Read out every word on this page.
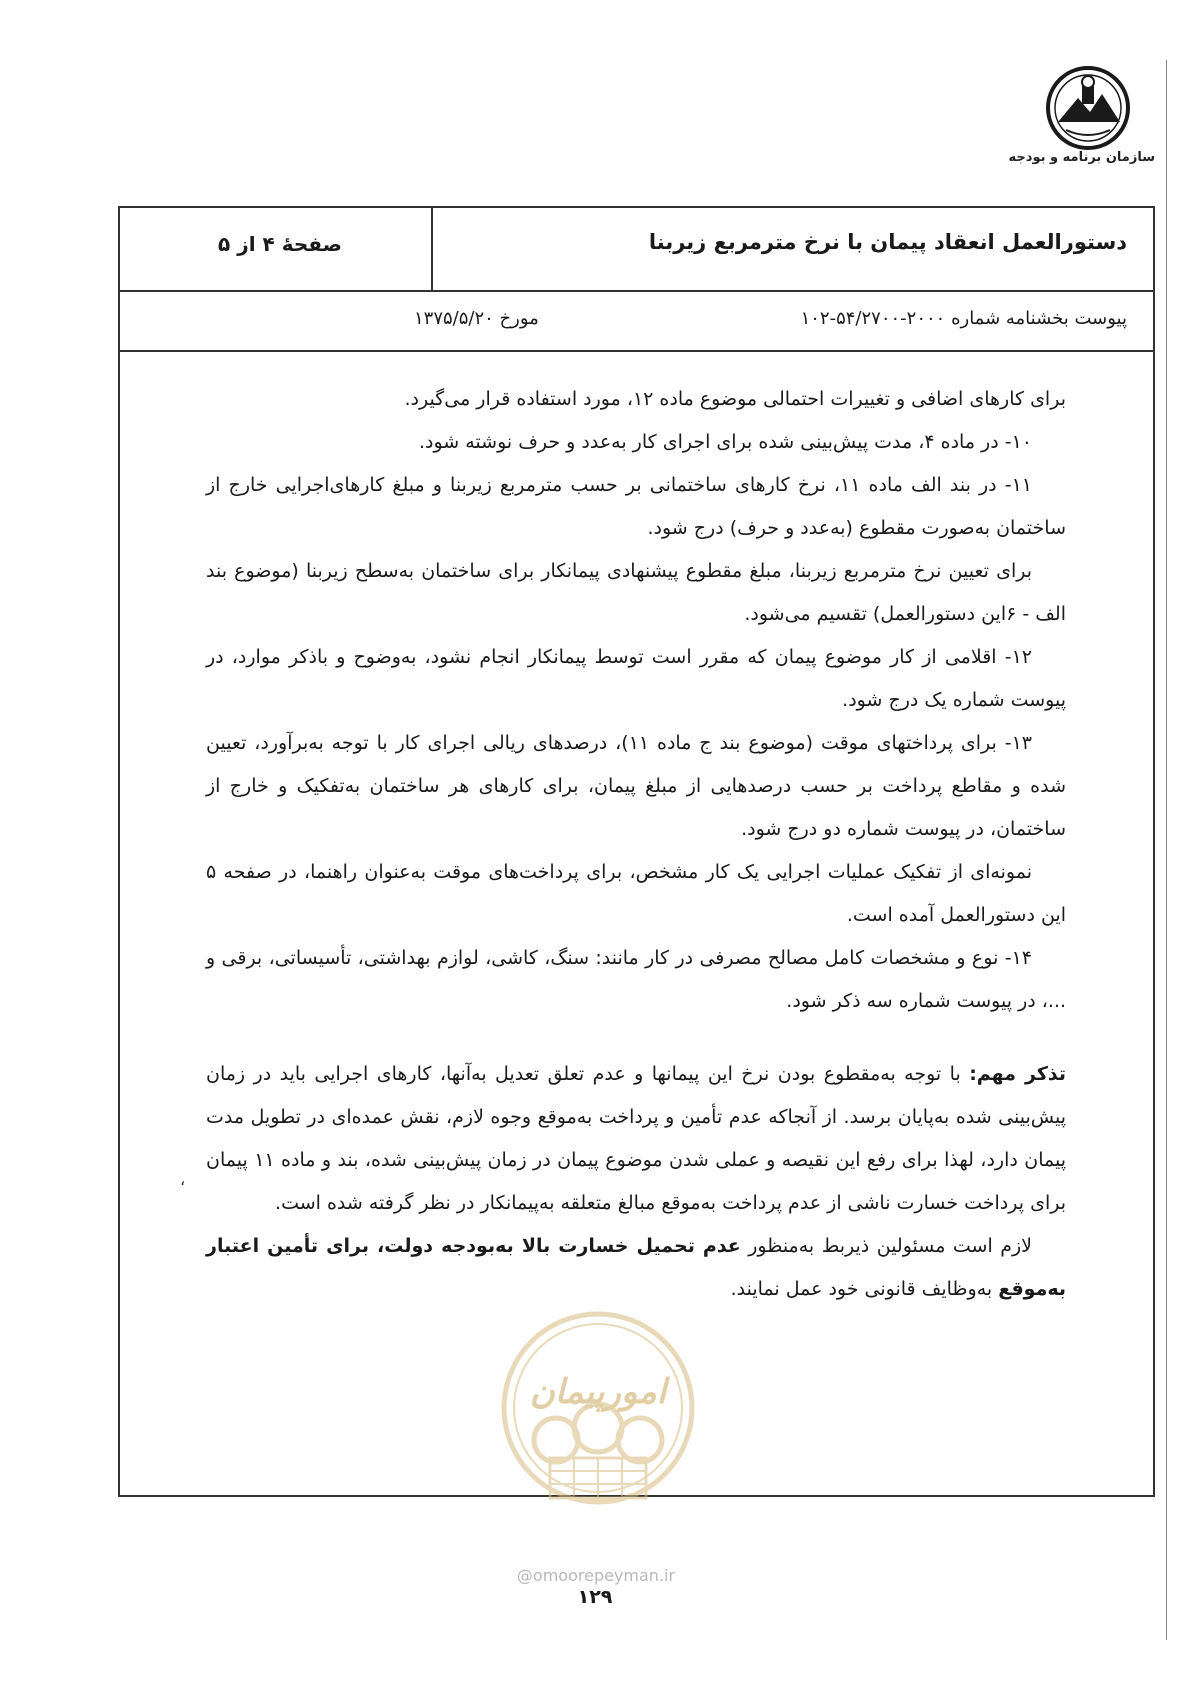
سازمان برنامه و بودجه
دستورالعمل انعقاد پیمان با نرخ مترمربع زیربنا
صفحهٔ ۴ از ۵
پیوست بخشنامه شماره ۲۰۰۰-۵۴/۲۷۰۰-۱۰۲
مورخ ۱۳۷۵/۵/۲۰

برای کارهای اضافی و تغییرات احتمالی موضوع ماده ۱۲، مورد استفاده قرار می‌گیرد.

۱۰- در ماده ۴، مدت پیش‌بینی شده برای اجرای کار به‌عدد و حرف نوشته شود.

۱۱- در بند الف ماده ۱۱، نرخ کارهای ساختمانی بر حسب مترمربع زیربنا و مبلغ کارهای‌اجرایی خارج از ساختمان به‌صورت مقطوع (به‌عدد و حرف) درج شود.

برای تعیین نرخ مترمربع زیربنا، مبلغ مقطوع پیشنهادی پیمانکار برای ساختمان به‌سطح زیربنا (موضوع بند الف - ۶این دستورالعمل) تقسیم می‌شود.

۱۲- اقلامی از کار موضوع پیمان که مقرر است توسط پیمانکار انجام نشود، به‌وضوح و باذکر موارد، در پیوست شماره یک درج شود.

۱۳- برای پرداختهای موقت (موضوع بند ج ماده ۱۱)، درصدهای ریالی اجرای کار با توجه به‌برآورد، تعیین شده و مقاطع پرداخت بر حسب درصدهایی از مبلغ پیمان، برای کارهای هر ساختمان به‌تفکیک و خارج از ساختمان، در پیوست شماره دو درج شود.

نمونه‌ای از تفکیک عملیات اجرایی یک کار مشخص، برای پرداخت‌های موقت به‌عنوان راهنما، در صفحه ۵ این دستورالعمل آمده است.

۱۴- نوع و مشخصات کامل مصالح مصرفی در کار مانند: سنگ، کاشی، لوازم بهداشتی، تأسیساتی، برقی و ...، در پیوست شماره سه ذکر شود.

تذکر مهم: با توجه به‌مقطوع بودن نرخ این پیمانها و عدم تعلق تعدیل به‌آنها، کارهای اجرایی باید در زمان پیش‌بینی شده به‌پایان برسد. از آنجاکه عدم تأمین و پرداخت به‌موقع وجوه لازم، نقش عمده‌ای در تطویل مدت پیمان دارد، لهذا برای رفع این نقیصه و عملی شدن موضوع پیمان در زمان پیش‌بینی شده، بند و ماده ۱۱ پیمان برای پرداخت خسارت ناشی از عدم پرداخت به‌موقع مبالغ متعلقه به‌پیمانکار در نظر گرفته شده است.

لازم است مسئولین ذیربط به‌منظور عدم تحمیل خسارت بالا به‌بودجه دولت، برای تأمین اعتبار به‌موقع به‌وظایف قانونی خود عمل نمایند.

،
امورپیمان
@omoorepeyman.ir
۱۲۹
